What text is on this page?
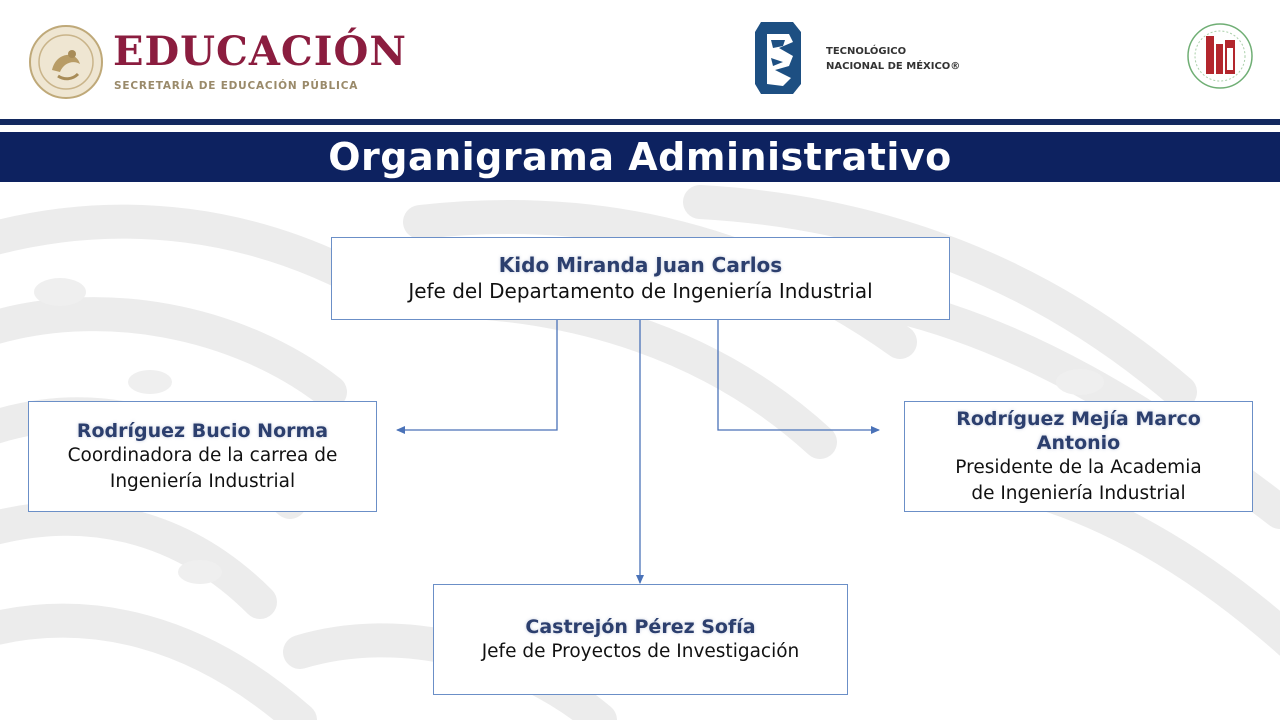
EDUCACIÓN
SECRETARÍA DE EDUCACIÓN PÚBLICA
TECNOLÓGICO
NACIONAL DE MÉXICO®
Organigrama Administrativo
Kido Miranda Juan Carlos
Jefe del Departamento de Ingeniería Industrial
Rodríguez Bucio Norma
Coordinadora de la carrea de
Ingeniería Industrial
Rodríguez Mejía Marco
Antonio
Presidente de la Academia
de Ingeniería Industrial
Castrejón Pérez Sofía
Jefe de Proyectos de Investigación
